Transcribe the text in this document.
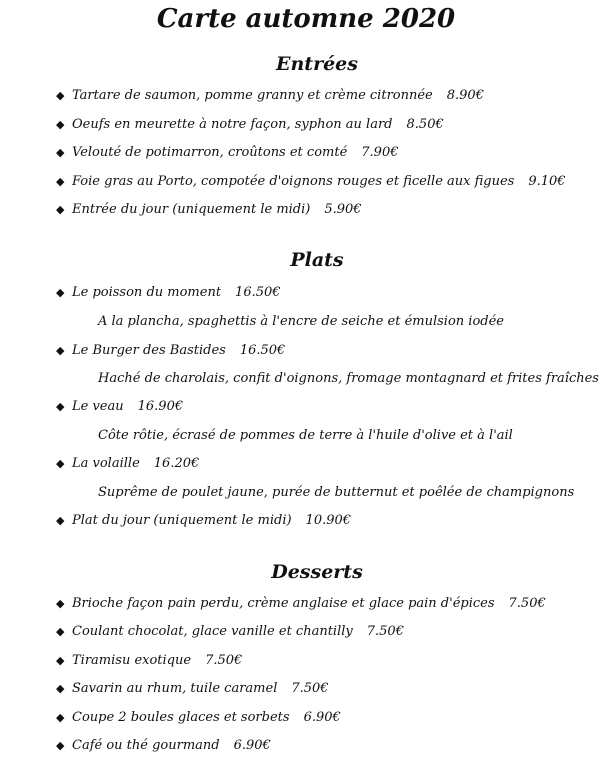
Carte automne 2020
Entrées
◆ Tartare de saumon, pomme granny et crème citronnée 8.90€
◆ Oeufs en meurette à notre façon, syphon au lard 8.50€
◆ Velouté de potimarron, croûtons et comté 7.90€
◆ Foie gras au Porto, compotée d'oignons rouges et ficelle aux figues 9.10€
◆ Entrée du jour (uniquement le midi) 5.90€
Plats
◆ Le poisson du moment 16.50€
A la plancha, spaghettis à l'encre de seiche et émulsion iodée
◆ Le Burger des Bastides 16.50€
Haché de charolais, confit d'oignons, fromage montagnard et frites fraîches
◆ Le veau 16.90€
Côte rôtie, écrasé de pommes de terre à l'huile d'olive et à l'ail
◆ La volaille 16.20€
Suprême de poulet jaune, purée de butternut et poêlée de champignons
◆ Plat du jour (uniquement le midi) 10.90€
Desserts
◆ Brioche façon pain perdu, crème anglaise et glace pain d'épices 7.50€
◆ Coulant chocolat, glace vanille et chantilly 7.50€
◆ Tiramisu exotique 7.50€
◆ Savarin au rhum, tuile caramel 7.50€
◆ Coupe 2 boules glaces et sorbets 6.90€
◆ Café ou thé gourmand 6.90€
